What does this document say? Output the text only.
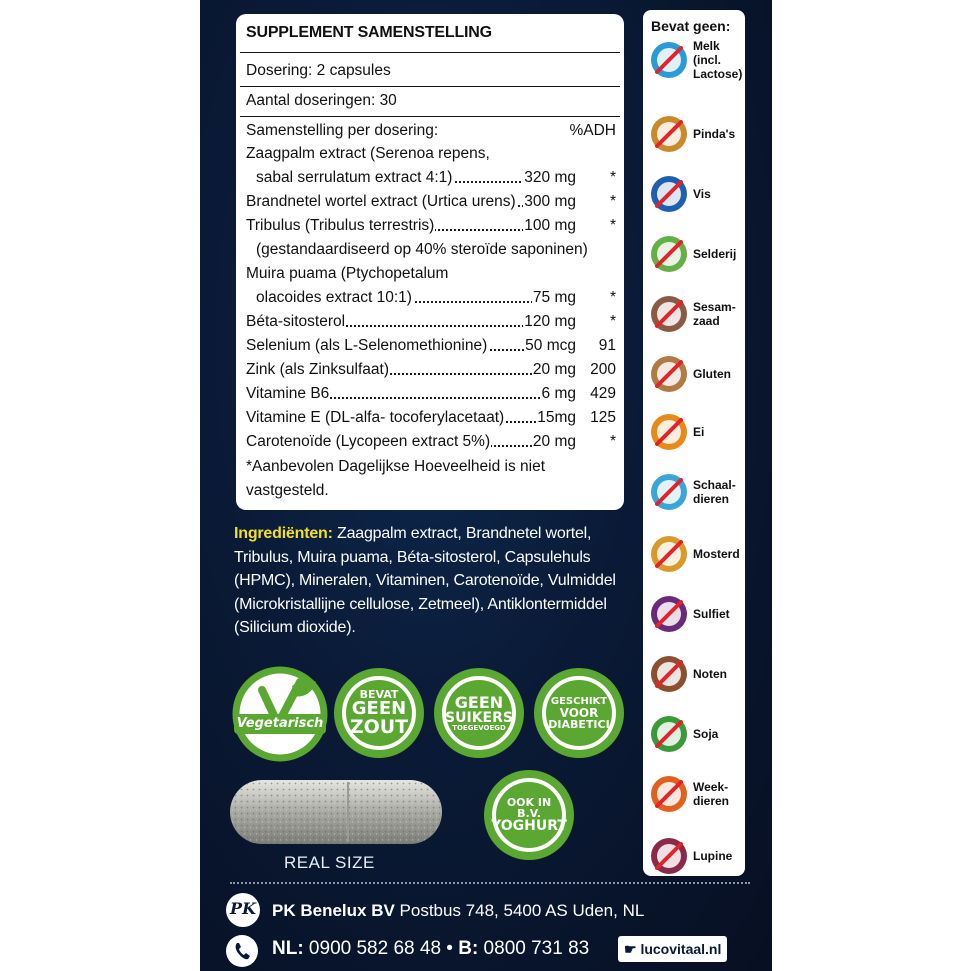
SUPPLEMENT SAMENSTELLING
Dosering: 2 capsules
Aantal doseringen: 30
Samenstelling per dosering:	%ADH
Zaagpalm extract (Serenoa repens,
sabal serrulatum extract 4:1)	320 mg *
Brandnetel wortel extract (Urtica urens) 300 mg *
Tribulus (Tribulus terrestris)	100 mg *
(gestandaardiseerd op 40% steroïde saponinen)
Muira puama (Ptychopetalum
olacoides extract 10:1)	75 mg *
Béta-sitosterol	120 mg *
Selenium (als L-Selenomethionine) 50 mcg 91
Zink (als Zinksulfaat)	20 mg 200
Vitamine B6	6 mg 429
Vitamine E (DL-alfa- tocoferylacetaat) 15mg 125
Carotenoïde (Lycopeen extract 5%)	20 mg *
*Aanbevolen Dagelijkse Hoeveelheid is niet
vastgesteld.
Ingrediënten: Zaagpalm extract, Brandnetel wortel, Tribulus, Muira puama, Béta-sitosterol, Capsulehuls (HPMC), Mineralen, Vitaminen, Carotenoïde, Vulmiddel (Microkristallijne cellulose, Zetmeel), Antiklontermiddel (Silicium dioxide).
Vegetarisch
BEVAT
GEEN
ZOUT
GEEN
SUIKERS
TOEGEVOEGD
GESCHIKT
VOOR
DIABETICI
OOK IN B.V.
YOGHURT
REAL SIZE
PK PK Benelux BV Postbus 748, 5400 AS Uden, NL
NL: 0900 582 68 48 • B: 0800 731 83	☛ lucovitaal.nl
Bevat geen:
Melk (incl. Lactose)
Pinda's
Vis
Selderij
Sesam-zaad
Gluten
Ei
Schaal-dieren
Mosterd
Sulfiet
Noten
Soja
Week-dieren
Lupine
